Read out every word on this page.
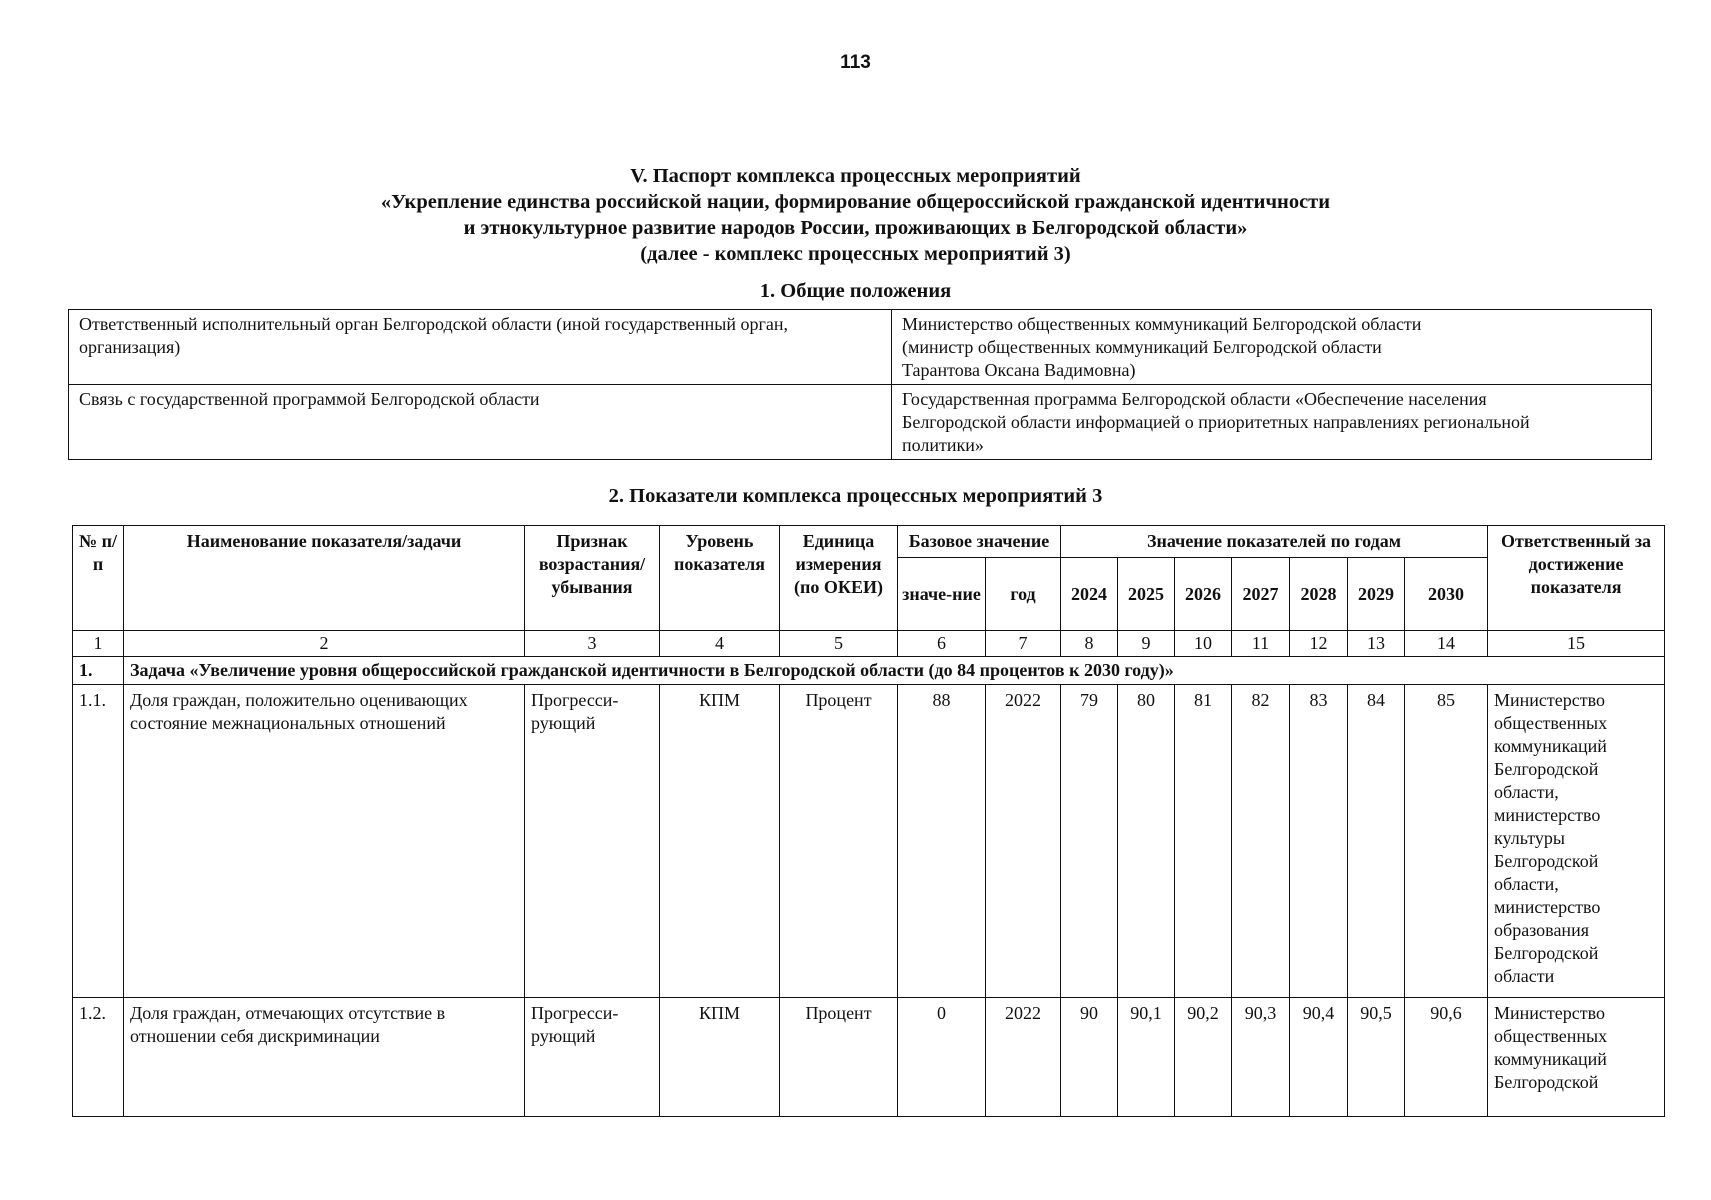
113
V. Паспорт комплекса процессных мероприятий
«Укрепление единства российской нации, формирование общероссийской гражданской идентичности
и этнокультурное развитие народов России, проживающих в Белгородской области»
(далее - комплекс процессных мероприятий 3)
1. Общие положения
Ответственный исполнительный орган Белгородской области (иной государственный орган, организация)	Министерство общественных коммуникаций Белгородской области
(министр общественных коммуникаций Белгородской области
Тарантова Оксана Вадимовна)

Связь с государственной программой Белгородской области	Государственная программа Белгородской области «Обеспечение населения
Белгородской области информацией о приоритетных направлениях региональной
политики»
2. Показатели комплекса процессных мероприятий 3
№ п/п	Наименование показателя/задачи	Признак возрастания/ убывания	Уровень показателя	Единица измерения (по ОКЕИ)	Базовое значение		Значение показателей по годам							Ответственный за достижение показателя
					значе-ние	год	2024	2025	2026	2027	2028	2029	2030	
1	2	3	4	5	6	7	8	9	10	11	12	13	14	15
1.	Задача «Увеличение уровня общероссийской гражданской идентичности в Белгородской области (до 84 процентов к 2030 году)»													
1.1.	Доля граждан, положительно оценивающих состояние межнациональных отношений	Прогресси-рующий	КПМ	Процент	88	2022	79	80	81	82	83	84	85	Министерство общественных коммуникаций Белгородской области, министерство культуры Белгородской области, министерство образования Белгородской области
1.2.	Доля граждан, отмечающих отсутствие в отношении себя дискриминации	Прогресси-рующий	КПМ	Процент	0	2022	90	90,1	90,2	90,3	90,4	90,5	90,6	Министерство общественных коммуникаций Белгородской
